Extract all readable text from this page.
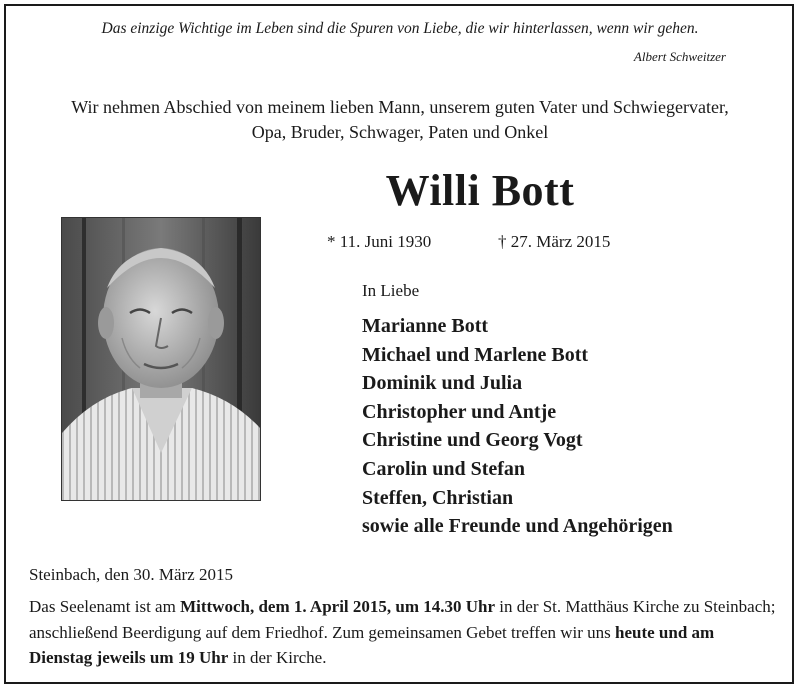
Das einzige Wichtige im Leben sind die Spuren von Liebe, die wir hinterlassen, wenn wir gehen.
Albert Schweitzer
Wir nehmen Abschied von meinem lieben Mann, unserem guten Vater und Schwiegervater,
Opa, Bruder, Schwager, Paten und Onkel
Willi Bott
* 11. Juni 1930	† 27. März 2015
In Liebe
Marianne Bott
Michael und Marlene Bott
Dominik und Julia
Christopher und Antje
Christine und Georg Vogt
Carolin und Stefan
Steffen, Christian
sowie alle Freunde und Angehörigen
Steinbach, den 30. März 2015
Das Seelenamt ist am Mittwoch, dem 1. April 2015, um 14.30 Uhr in der St. Matthäus Kirche zu Steinbach; anschließend Beerdigung auf dem Friedhof. Zum gemeinsamen Gebet treffen wir uns heute und am Dienstag jeweils um 19 Uhr in der Kirche.
